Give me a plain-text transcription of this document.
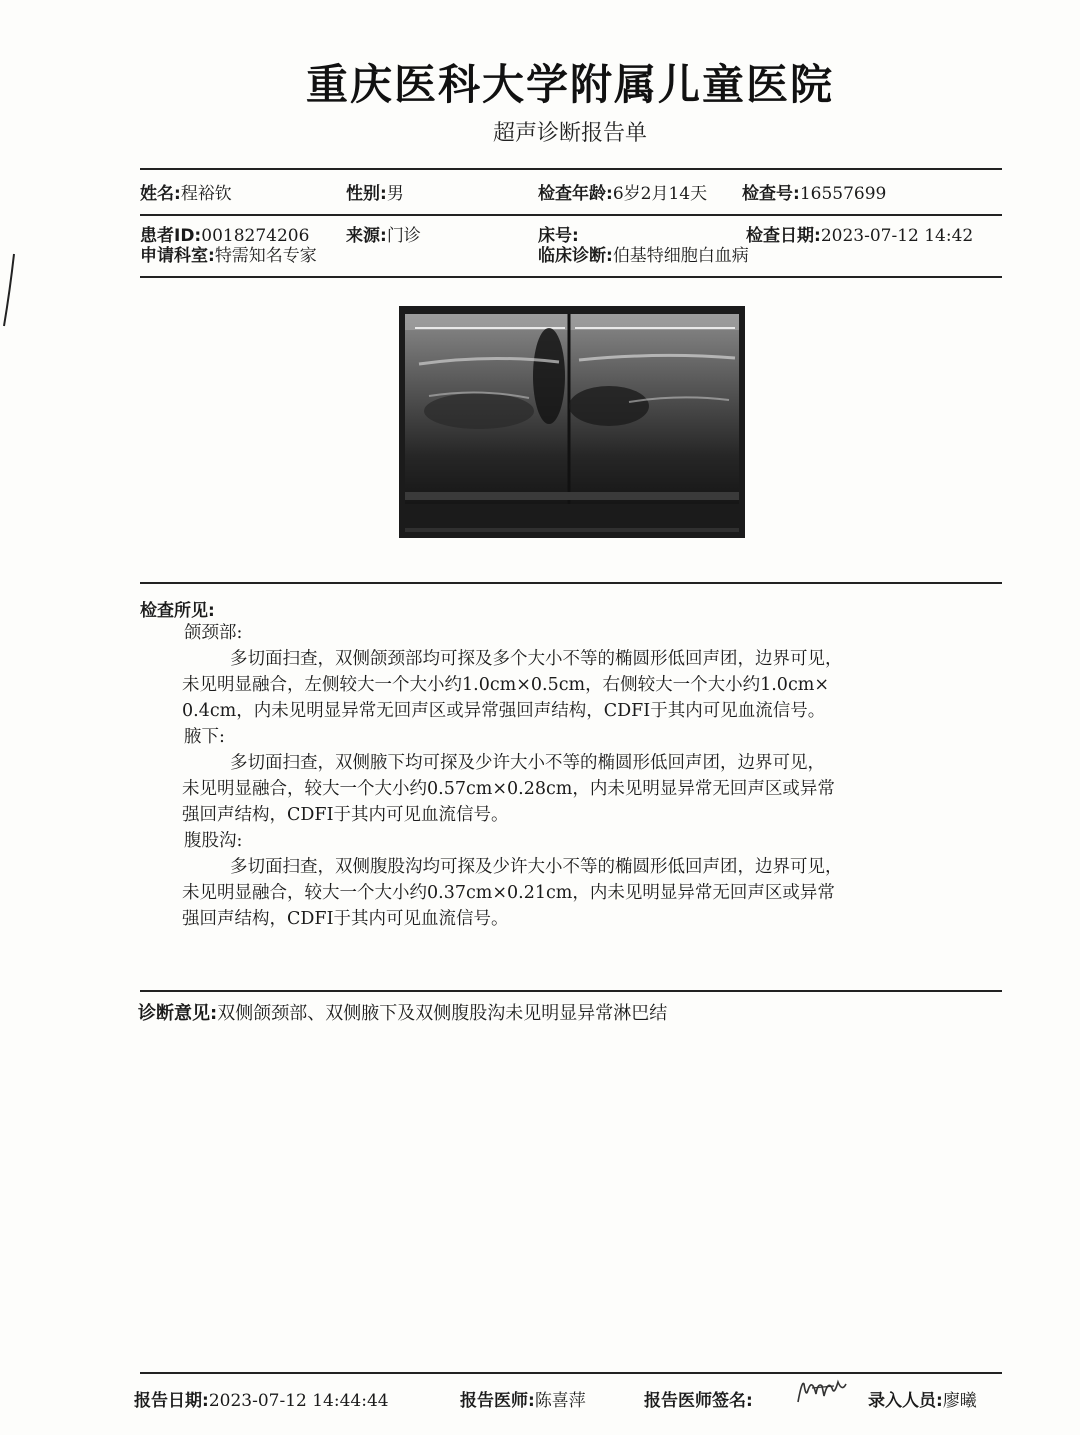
重庆医科大学附属儿童医院
超声诊断报告单
姓名:程裕钦	性别:男	检查年龄:6岁2月14天 检查号:16557699
患者ID:0018274206 来源:门诊	床号:	检查日期:2023-07-12 14:42
申请科室:特需知名专家	临床诊断:伯基特细胞白血病
检查所见:
颌颈部:
多切面扫查，双侧颌颈部均可探及多个大小不等的椭圆形低回声团，边界可见，
未见明显融合，左侧较大一个大小约1.0cm×0.5cm，右侧较大一个大小约1.0cm×
0.4cm，内未见明显异常无回声区或异常强回声结构，CDFI于其内可见血流信号。
腋下:
多切面扫查，双侧腋下均可探及少许大小不等的椭圆形低回声团，边界可见，
未见明显融合，较大一个大小约0.57cm×0.28cm，内未见明显异常无回声区或异常
强回声结构，CDFI于其内可见血流信号。
腹股沟:
多切面扫查，双侧腹股沟均可探及少许大小不等的椭圆形低回声团，边界可见，
未见明显融合，较大一个大小约0.37cm×0.21cm，内未见明显异常无回声区或异常
强回声结构，CDFI于其内可见血流信号。
诊断意见:双侧颌颈部、双侧腋下及双侧腹股沟未见明显异常淋巴结
报告日期:2023-07-12 14:44:44	报告医师:陈喜萍	报告医师签名:	录入人员:廖曦
